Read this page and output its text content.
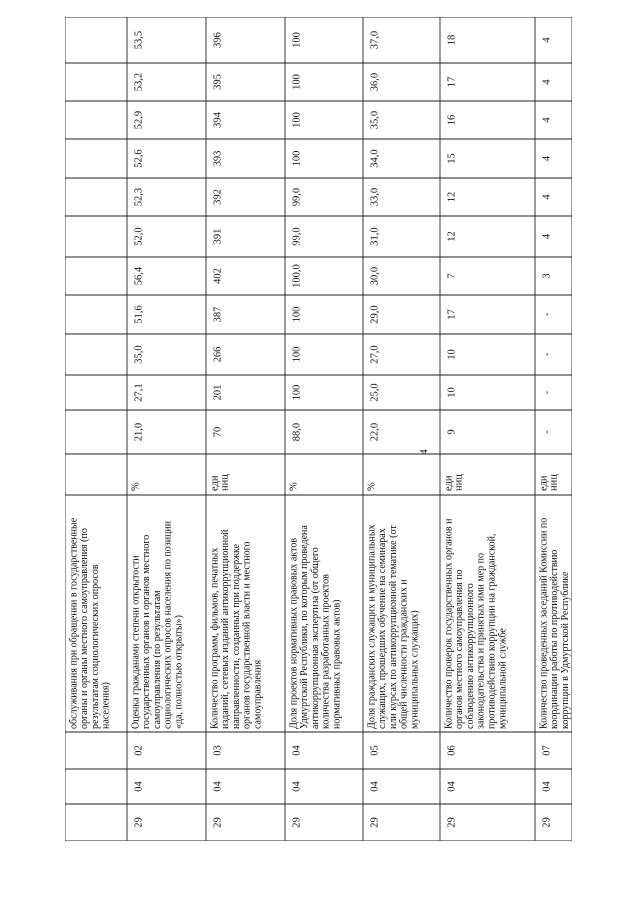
4
обслуживания при обращении в государственные органы и органы местного самоуправления (по результатам социологических опросов населения)
29
04
02
Оценка гражданами степени открытости государственных органов и органов местного самоуправления (по результатам социологических опросов населения по позиции «да, полностью открыты»)
%
21,0
27,1
35,0
51,6
56,4
52,0
52,3
52,6
52,9
53,2
53,5
29
04
03
Количество программ, фильмов, печатных изданий, сетевых изданий антикоррупционной направленности, созданных при поддержке органов государственной власти и местного самоуправления
еди ниц
70
201
266
387
402
391
392
393
394
395
396
29
04
04
Доля проектов нормативных правовых актов Удмуртской Республики, по которым проведена антикоррупционная экспертиза (от общего количества разработанных проектов нормативных правовых актов)
%
88,0
100
100
100
100,0
99,0
99,0
100
100
100
100
29
04
05
Доля гражданских служащих и муниципальных служащих, прошедших обучение на семинарах или курсах по антикоррупционной тематике (от общей численности гражданских и муниципальных служащих)
%
22,0
25,0
27,0
29,0
30,0
31,0
33,0
34,0
35,0
36,0
37,0
29
04
06
Количество проверок государственных органов и органов местного самоуправления по соблюдению антикоррупционного законодательства и принятых ими мер по противодействию коррупции на гражданской, муниципальной службе
еди ниц
9
10
10
17
7
12
12
15
16
17
18
29
04
07
Количество проведенных заседаний Комиссии по координации работы по противодействию коррупции в Удмуртской Республике
еди ниц
-
-
-
-
3
4
4
4
4
4
4
